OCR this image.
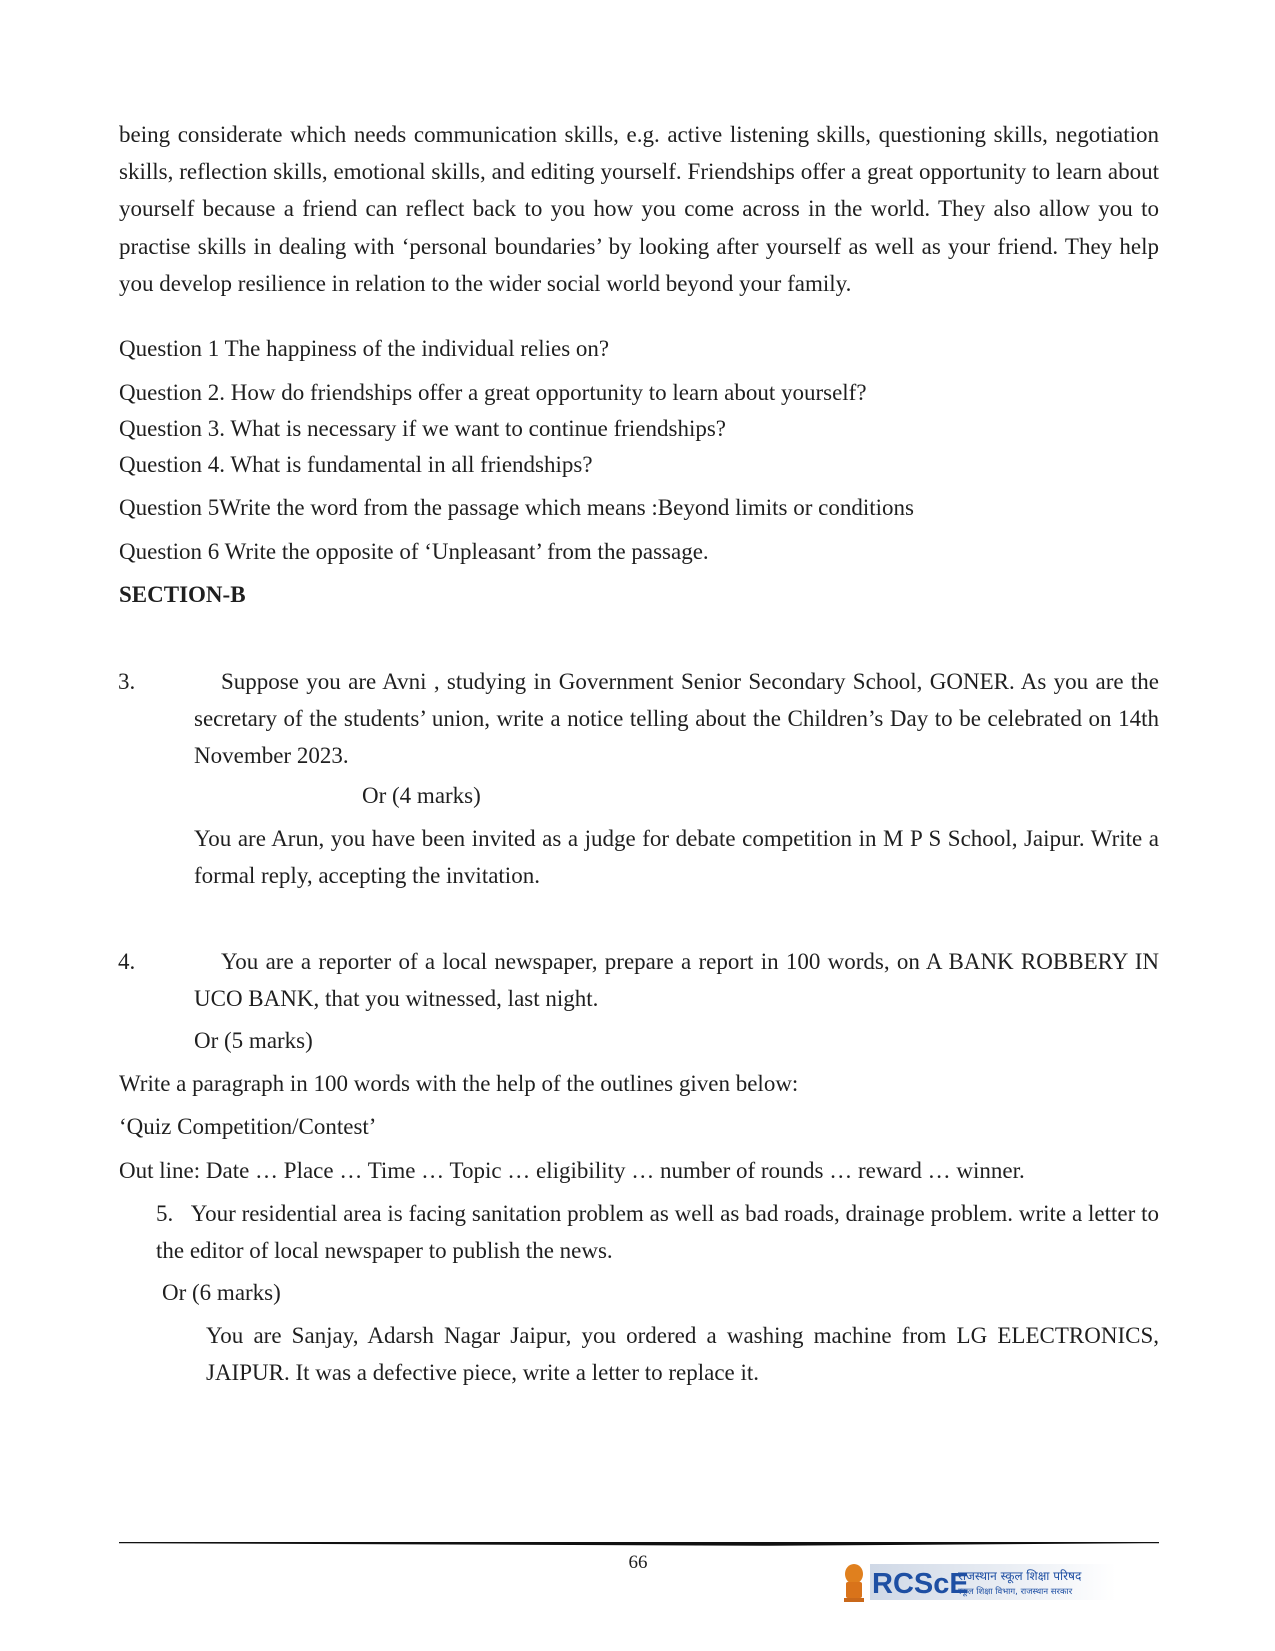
being considerate which needs communication skills, e.g. active listening skills, questioning skills, negotiation skills, reflection skills, emotional skills, and editing yourself. Friendships offer a great opportunity to learn about yourself because a friend can reflect back to you how you come across in the world. They also allow you to practise skills in dealing with ‘personal boundaries’ by looking after yourself as well as your friend. They help you develop resilience in relation to the wider social world beyond your family.
Question 1 The happiness of the individual relies on?
Question 2. How do friendships offer a great opportunity to learn about yourself?
Question 3. What is necessary if we want to continue friendships?
Question 4. What is fundamental in all friendships?
Question 5Write the word from the passage which means :Beyond limits or conditions
Question 6 Write the opposite of ‘Unpleasant’ from the passage.
SECTION-B
3.	Suppose you are Avni , studying in Government Senior Secondary School, GONER. As you are the secretary of the students’ union, write a notice telling about the Children’s Day to be celebrated on 14th November 2023.
Or (4 marks)
You are Arun, you have been invited as a judge for debate competition in M P S School, Jaipur. Write a formal reply, accepting the invitation.
4.	You are a reporter of a local newspaper, prepare a report in 100 words, on A BANK ROBBERY IN UCO BANK, that you witnessed, last night.
Or (5 marks)
Write a paragraph in 100 words with the help of the outlines given below:
‘Quiz Competition/Contest’
Out line: Date … Place … Time … Topic … eligibility … number of rounds … reward … winner.
5. Your residential area is facing sanitation problem as well as bad roads, drainage problem. write a letter to the editor of local newspaper to publish the news.
Or (6 marks)
You are Sanjay, Adarsh Nagar Jaipur, you ordered a washing machine from LG ELECTRONICS, JAIPUR. It was a defective piece, write a letter to replace it.
66
RCScE
राजस्थान स्कूल शिक्षा परिषद
स्कूल शिक्षा विभाग, राजस्थान सरकार
